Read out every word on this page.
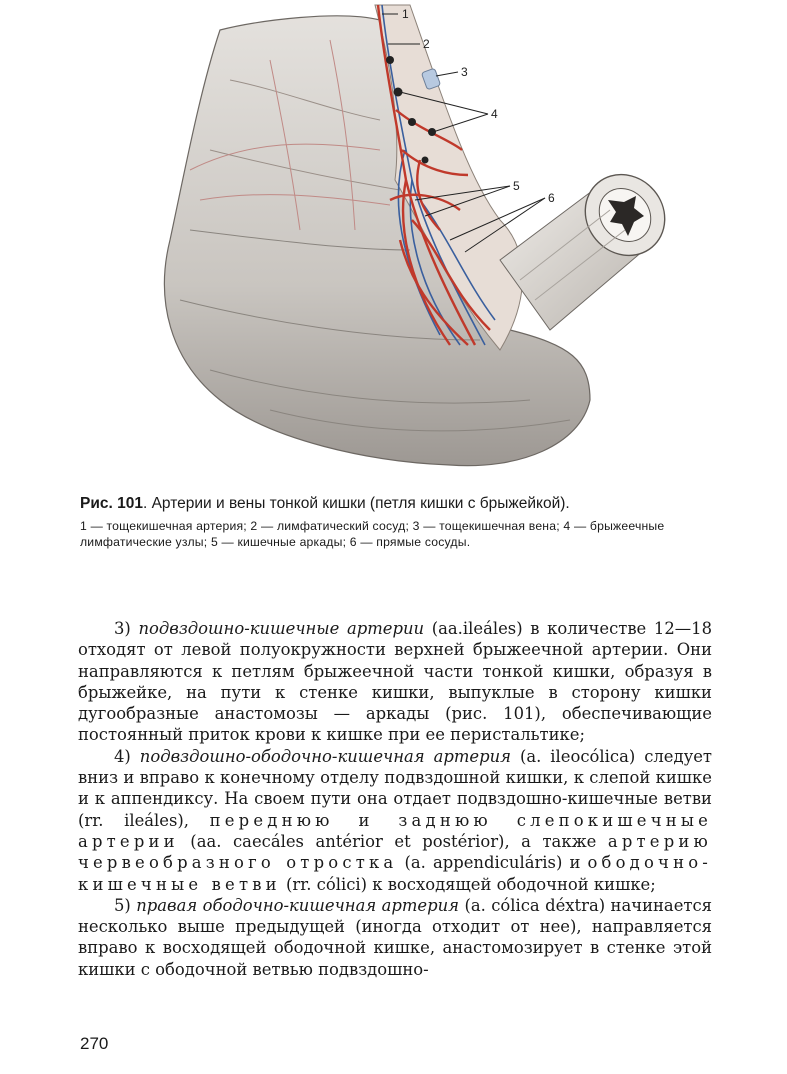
1
2
3
4
5
6

Рис. 101. Артерии и вены тонкой кишки (петля кишки с брыжейкой).

1 — тощекишечная артерия; 2 — лимфатический сосуд; 3 — тощекишечная вена; 4 — брыжеечные лимфатические узлы; 5 — кишечные аркады; 6 — прямые сосуды.

3) подвздошно-кишечные артерии (aa.ileáles) в количестве 12—18 отходят от левой полуокружности верхней брыжеечной артерии. Они направляются к петлям брыжеечной части тонкой кишки, образуя в брыжейке, на пути к стенке кишки, выпуклые в сторону кишки дугообразные анастомозы — аркады (рис. 101), обеспечивающие постоянный приток крови к кишке при ее перистальтике;

4) подвздошно-ободочно-кишечная артерия (a. ileocólica) следует вниз и вправо к конечному отделу подвздошной кишки, к слепой кишке и к аппендиксу. На своем пути она отдает подвздошно-кишечные ветви (rr. ileáles), переднюю и заднюю слепокишечные артерии (aa. caecáles antérior et postérior), а также артерию червеобразного отростка (a. appendiculáris) и ободочно-кишечные ветви (rr. cólici) к восходящей ободочной кишке;

5) правая ободочно-кишечная артерия (a. cólica déxtra) начинается несколько выше предыдущей (иногда отходит от нее), направляется вправо к восходящей ободочной кишке, анастомозирует в стенке этой кишки с ободочной ветвью подвздошно-

270
